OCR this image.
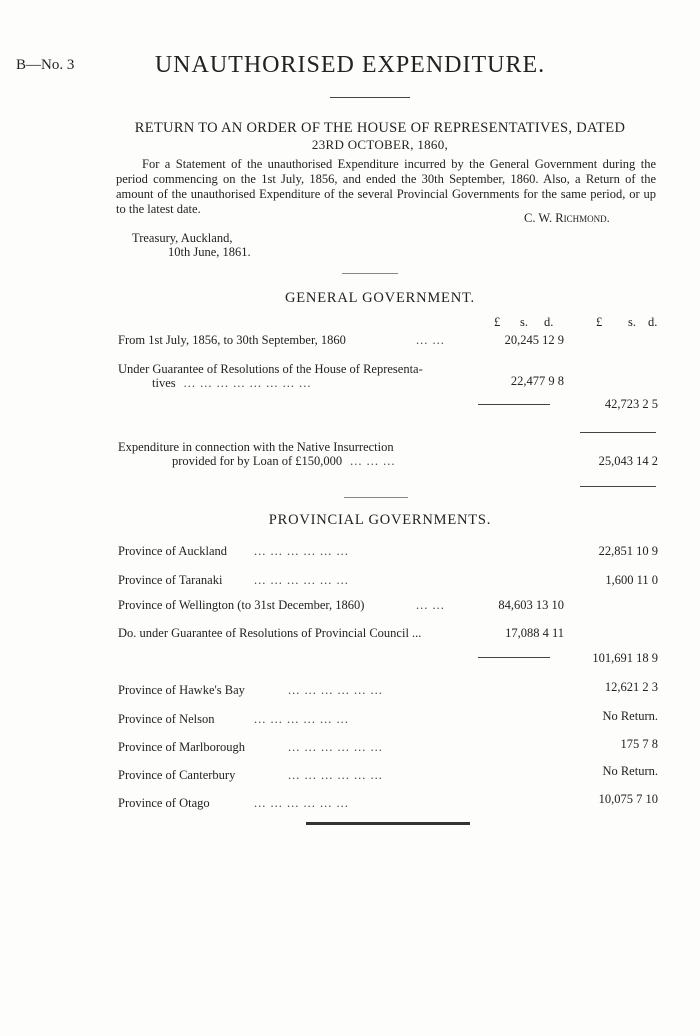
B—No. 3	UNAUTHORISED EXPENDITURE.
RETURN TO AN ORDER OF THE HOUSE OF REPRESENTATIVES, DATED
23RD OCTOBER, 1860,
For a Statement of the unauthorised Expenditure incurred by the General Government during the period commencing on the 1st July, 1856, and ended the 30th September, 1860. Also, a Return of the amount of the unauthorised Expenditure of the several Provincial Governments for the same period, or up to the latest date.
C. W. Richmond.
Treasury, Auckland,
10th June, 1861.
GENERAL GOVERNMENT.
£ s. d.	£ s. d.
From 1st July, 1856, to 30th September, 1860	... ...	20,245 12 9
Under Guarantee of Resolutions of the House of Representa-
tives ... ... ... ... ... ... ... ...	22,477 9 8
42,723 2 5
Expenditure in connection with the Native Insurrection
provided for by Loan of £150,000 ... ... ...	25,043 14 2
PROVINCIAL GOVERNMENTS.
Province of Auckland ... ... ... ... ... ...	22,851 10 9
Province of Taranaki	... ... ... ... ... ...	1,600 11 0
Province of Wellington (to 31st December, 1860)	... ...	84,603 13 10
Do. under Guarantee of Resolutions of Provincial Council ...	17,088 4 11
101,691 18 9
Province of Hawke's Bay	... ... ... ... ... ...	12,621 2 3
Province of Nelson	... ... ... ... ... ...	No Return.
Province of Marlborough	... ... ... ... ... ...	175 7 8
Province of Canterbury	... ... ... ... ... ...	No Return.
Province of Otago	... ... ... ... ... ...	10,075 7 10
